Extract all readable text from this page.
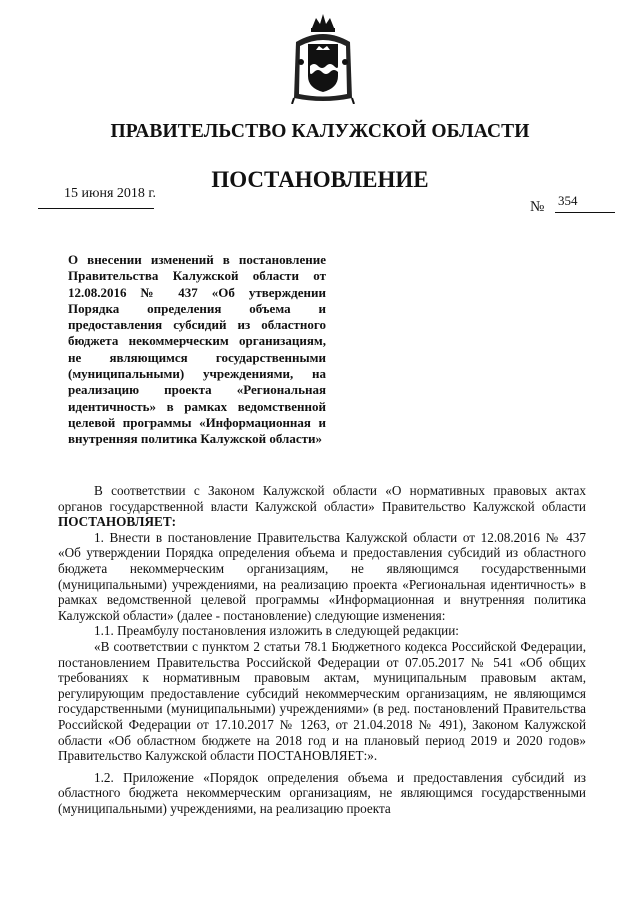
ПРАВИТЕЛЬСТВО КАЛУЖСКОЙ ОБЛАСТИ
ПОСТАНОВЛЕНИЕ
15 июня 2018 г.
№ 354
О внесении изменений в постановление Правительства Калужской области от 12.08.2016 № 437 «Об утверждении Порядка определения объема и предоставления субсидий из областного бюджета некоммерческим организациям, не являющимся государственными (муниципальными) учреждениями, на реализацию проекта «Региональная идентичность» в рамках ведомственной целевой программы «Информационная и внутренняя политика Калужской области»

В соответствии с Законом Калужской области «О нормативных правовых актах органов государственной власти Калужской области» Правительство Калужской области ПОСТАНОВЛЯЕТ:

1. Внести в постановление Правительства Калужской области от 12.08.2016 № 437 «Об утверждении Порядка определения объема и предоставления субсидий из областного бюджета некоммерческим организациям, не являющимся государственными (муниципальными) учреждениями, на реализацию проекта «Региональная идентичность» в рамках ведомственной целевой программы «Информационная и внутренняя политика Калужской области» (далее - постановление) следующие изменения:

1.1. Преамбулу постановления изложить в следующей редакции:

«В соответствии с пунктом 2 статьи 78.1 Бюджетного кодекса Российской Федерации, постановлением Правительства Российской Федерации от 07.05.2017 № 541 «Об общих требованиях к нормативным правовым актам, муниципальным правовым актам, регулирующим предоставление субсидий некоммерческим организациям, не являющимся государственными (муниципальными) учреждениями» (в ред. постановлений Правительства Российской Федерации от 17.10.2017 № 1263, от 21.04.2018 № 491), Законом Калужской области «Об областном бюджете на 2018 год и на плановый период 2019 и 2020 годов» Правительство Калужской области ПОСТАНОВЛЯЕТ:».

1.2. Приложение «Порядок определения объема и предоставления субсидий из областного бюджета некоммерческим организациям, не являющимся государственными (муниципальными) учреждениями, на реализацию проекта
